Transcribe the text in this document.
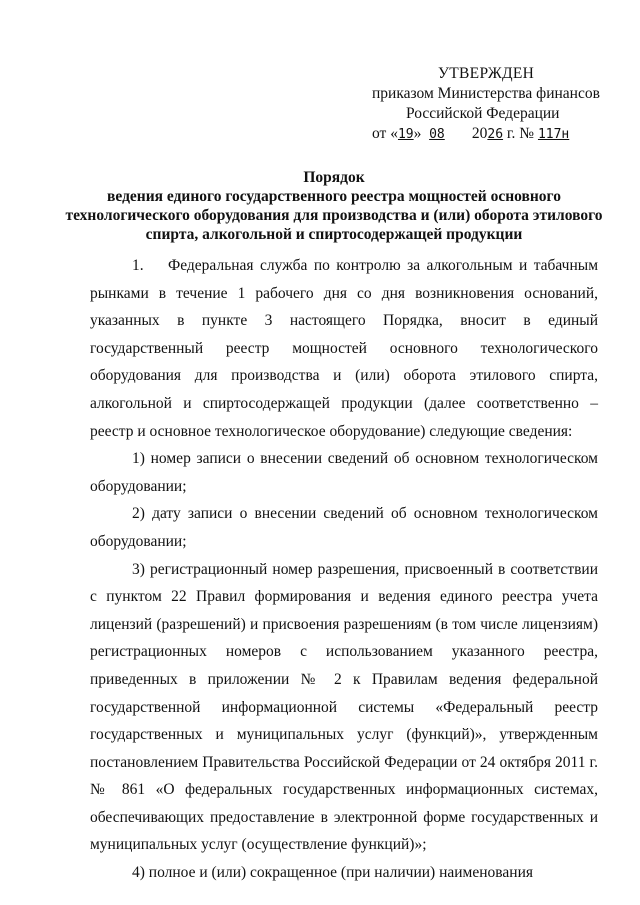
УТВЕРЖДЕН
приказом Министерства финансов
Российской Федерации
от «19» 08 2026 г. № 117н
Порядок
ведения единого государственного реестра мощностей основного технологического оборудования для производства и (или) оборота этилового спирта, алкогольной и спиртосодержащей продукции

1. Федеральная служба по контролю за алкогольным и табачным рынками в течение 1 рабочего дня со дня возникновения оснований, указанных в пункте 3 настоящего Порядка, вносит в единый государственный реестр мощностей основного технологического оборудования для производства и (или) оборота этилового спирта, алкогольной и спиртосодержащей продукции (далее соответственно – реестр и основное технологическое оборудование) следующие сведения:

1) номер записи о внесении сведений об основном технологическом оборудовании;

2) дату записи о внесении сведений об основном технологическом оборудовании;

3) регистрационный номер разрешения, присвоенный в соответствии с пунктом 22 Правил формирования и ведения единого реестра учета лицензий (разрешений) и присвоения разрешениям (в том числе лицензиям) регистрационных номеров с использованием указанного реестра, приведенных в приложении № 2 к Правилам ведения федеральной государственной информационной системы «Федеральный реестр государственных и муниципальных услуг (функций)», утвержденным постановлением Правительства Российской Федерации от 24 октября 2011 г. № 861 «О федеральных государственных информационных системах, обеспечивающих предоставление в электронной форме государственных и муниципальных услуг (осуществление функций)»;

4) полное и (или) сокращенное (при наличии) наименования
